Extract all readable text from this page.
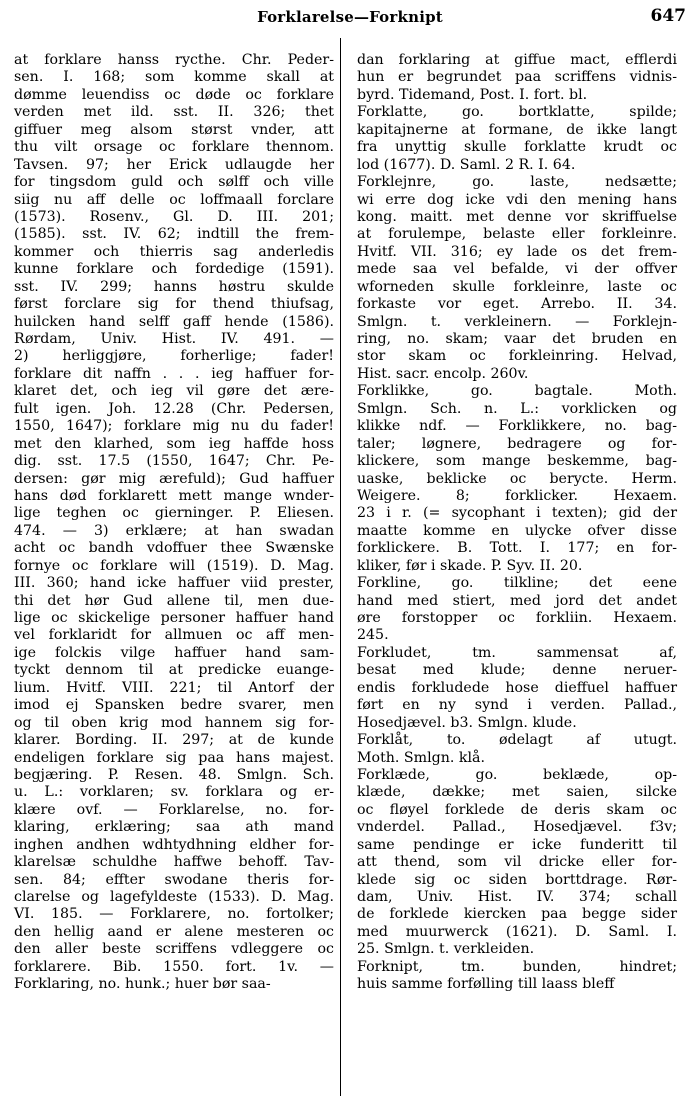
Forklarelse—Forknipt	647
at forklare hanss rycthe. Chr. Peder-
sen. I. 168; som komme skall at
dømme leuendiss oc døde oc forklare
verden met ild. sst. II. 326; thet
giffuer meg alsom størst vnder, att
thu vilt orsage oc forklare thennom.
Tavsen. 97; her Erick udlaugde her
for tingsdom guld och sølff och ville
siig nu aff delle oc loffmaall forclare
(1573). Rosenv., Gl. D. III. 201;
(1585). sst. IV. 62; indtill the frem-
kommer och thierris sag anderledis
kunne forklare och fordedige (1591).
sst. IV. 299; hanns høstru skulde
først forclare sig for thend thiufsag,
huilcken hand selff gaff hende (1586).
Rørdam, Univ. Hist. IV. 491. —
2) herliggjøre, forherlige; fader!
forklare dit naffn . . . ieg haffuer for-
klaret det, och ieg vil gøre det ære-
fult igen. Joh. 12.28 (Chr. Pedersen,
1550, 1647); forklare mig nu du fader!
met den klarhed, som ieg haffde hoss
dig. sst. 17.5 (1550, 1647; Chr. Pe-
dersen: gør mig ærefuld); Gud haffuer
hans død forklarett mett mange wnder-
lige teghen oc gierninger. P. Eliesen.
474. — 3) erklære; at han swadan
acht oc bandh vdoffuer thee Swænske
fornye oc forklare will (1519). D. Mag.
III. 360; hand icke haffuer viid prester,
thi det hør Gud allene til, men due-
lige oc skickelige personer haffuer hand
vel forklaridt for allmuen oc aff men-
ige folckis vilge haffuer hand sam-
tyckt dennom til at predicke euange-
lium. Hvitf. VIII. 221; til Antorf der
imod ej Spansken bedre svarer, men
og til oben krig mod hannem sig for-
klarer. Bording. II. 297; at de kunde
endeligen forklare sig paa hans majest.
begjæring. P. Resen. 48. Smlgn. Sch.
u. L.: vorklaren; sv. forklara og er-
klære ovf. — Forklarelse, no. for-
klaring, erklæring; saa ath mand
inghen andhen wdhtydhning eldher for-
klarelsæ schuldhe haffwe behoff. Tav-
sen. 84; effter swodane theris for-
clarelse og lagefyldeste (1533). D. Mag.
VI. 185. — Forklarere, no. fortolker;
den hellig aand er alene mesteren oc
den aller beste scriffens vdleggere oc
forklarere. Bib. 1550. fort. 1v. —
Forklaring, no. hunk.; huer bør saa-
dan forklaring at giffue mact, efflerdi
hun er begrundet paa scriffens vidnis-
byrd. Tidemand, Post. I. fort. bl.
Forklatte, go. bortklatte, spilde;
kapitajnerne at formane, de ikke langt
fra unyttig skulle forklatte krudt oc
lod (1677). D. Saml. 2 R. I. 64.
Forklejnre, go. laste, nedsætte;
wi erre dog icke vdi den mening hans
kong. maitt. met denne vor skriffuelse
at forulempe, belaste eller forkleinre.
Hvitf. VII. 316; ey lade os det frem-
mede saa vel befalde, vi der offver
wforneden skulle forkleinre, laste oc
forkaste vor eget. Arrebo. II. 34.
Smlgn. t. verkleinern. — Forklejn-
ring, no. skam; vaar det bruden en
stor skam oc forkleinring. Helvad,
Hist. sacr. encolp. 260v.
Forklikke, go. bagtale. Moth.
Smlgn. Sch. n. L.: vorklicken og
klikke ndf. — Forklikkere, no. bag-
taler; løgnere, bedragere og for-
klickere, som mange beskemme, bag-
uaske, beklicke oc berycte. Herm.
Weigere. 8; forklicker. Hexaem.
23 i r. (= sycophant i texten); gid der
maatte komme en ulycke ofver disse
forklickere. B. Tott. I. 177; en for-
kliker, før i skade. P. Syv. II. 20.
Forkline, go. tilkline; det eene
hand med stiert, med jord det andet
øre forstopper oc forkliin. Hexaem.
245.
Forkludet, tm. sammensat af,
besat med klude; denne neruer-
endis forkludede hose dieffuel haffuer
ført en ny synd i verden. Pallad.,
Hosedjævel. b3. Smlgn. klude.
Forklåt, to. ødelagt af utugt.
Moth. Smlgn. klå.
Forklæde, go. beklæde, op-
klæde, dække; met saien, silcke
oc fløyel forklede de deris skam oc
vnderdel. Pallad., Hosedjævel. f3v;
same pendinge er icke funderitt til
att thend, som vil dricke eller for-
klede sig oc siden borttdrage. Rør-
dam, Univ. Hist. IV. 374; schall
de forklede kiercken paa begge sider
med muurwerck (1621). D. Saml. I.
25. Smlgn. t. verkleiden.
Forknipt, tm. bunden, hindret;
huis samme forfølling till laass bleff
